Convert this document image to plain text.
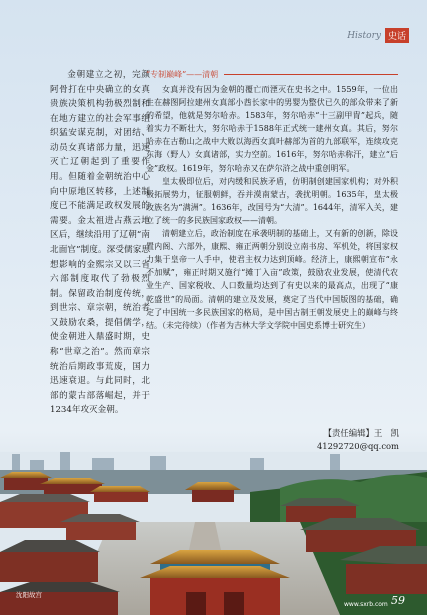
History 史话

金朝建立之初，完颜阿骨打在中央确立的女真贵族决策机构勃极烈制和在地方建立的社会军事组织猛安谋克制，对团结、动员女真诸部力量，迅速灭亡辽朝起到了重要作用。但随着金朝统治中心向中原地区转移，上述制度已不能满足政权发展的需要。金太祖进占燕云地区后，继续沿用了辽朝“南北面官”制度。深受儒家思想影响的金熙宗又以三省六部制度取代了勃极烈制。保留政治制度传统，到世宗、章宗朝，统治者又鼓励农桑，提倡儒学，使金朝进入鼎盛时期，史称“世章之治”。然而章宗统治后期政事荒废，国力迅速衰退。与此同时，北部的蒙古部落崛起，并于1234年攻灭金朝。

“专制巅峰”——清朝

女真并没有因为金朝的覆亡而湮灭在史书之中。1559年，一位出生在赫图阿拉建州女真部小酋长家中的男婴为整伏已久的部众带来了新的希望，他就是努尔哈赤。1583年，努尔哈赤“十三副甲胄”起兵，随着实力不断壮大，努尔哈赤于1588年正式统一建州女真。其后，努尔哈赤在古勒山之战中大败以海西女真叶赫部为首的九部联军，连续攻克东海（野人）女真诸部，实力空前。1616年，努尔哈赤称汗，建立“后金”政权。1619年，努尔哈赤又在萨尔浒之战中重创明军。

皇太极即位后，对内缓和民族矛盾，仿明制创建国家机构；对外积极拓展势力，征服朝鲜，吞并漠南蒙古，袭扰明朝。1635年，皇太极改族名为“满洲”。1636年，改国号为“大清”。1644年，清军入关，建立了统一的多民族国家政权——清朝。

清朝建立后，政治制度在承袭明制的基础上，又有新的创新，除设置内阁、六部外，康熙、雍正两朝分别设立南书房、军机处，将国家权力集于皇帝一人手中，使君主权力达到顶峰。经济上，康熙朝宣布“永不加赋”，雍正时期又施行“摊丁入亩”政策，鼓励农业发展，使清代农业生产、国家税收、人口数量均达到了有史以来的最高点，出现了“康乾盛世”的局面。清朝的建立及发展，奠定了当代中国版图的基础，确定了中国统一多民族国家的格局，是中国古制王朝发展史上的巅峰与终结。（未完待续）（作者为吉林大学文学院中国史系博士研究生）

【责任编辑】王　凯
41292720@qq.com
沈阳故宫
www.sxrb.com 59
